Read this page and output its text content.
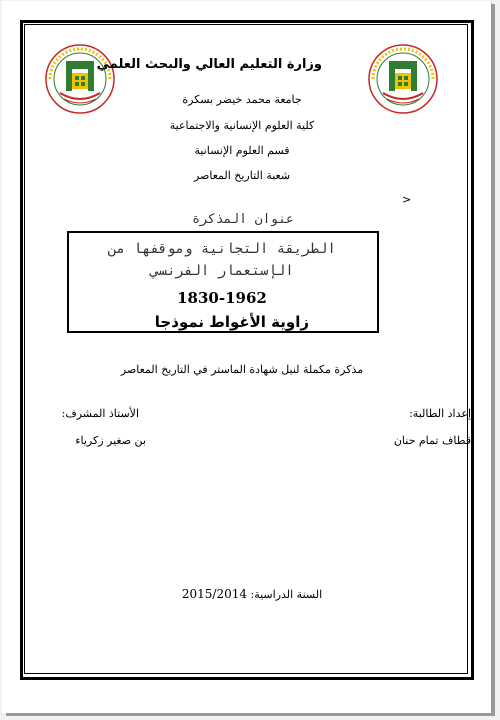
وزارة التعليم العالي والبحث العلمي
جامعة محمد خيضر بسكرة
كلية العلوم الإنسانية والاجتماعية
قسم العلوم الإنسانية
شعبة التاريخ المعاصر
>
عنوان المذكرة
الطريقة التجانية وموقفها من
الإستعمار الفرنسي
1830-1962
زاوية الأغواط نموذجا
مذكرة مكملة لنيل شهادة الماستر في التاريخ المعاصر
إعداد الطالبة:
قطاف تمام حنان
الأستاذ المشرف:
بن صغير زكرياء
السنة الدراسية: 2015/2014
